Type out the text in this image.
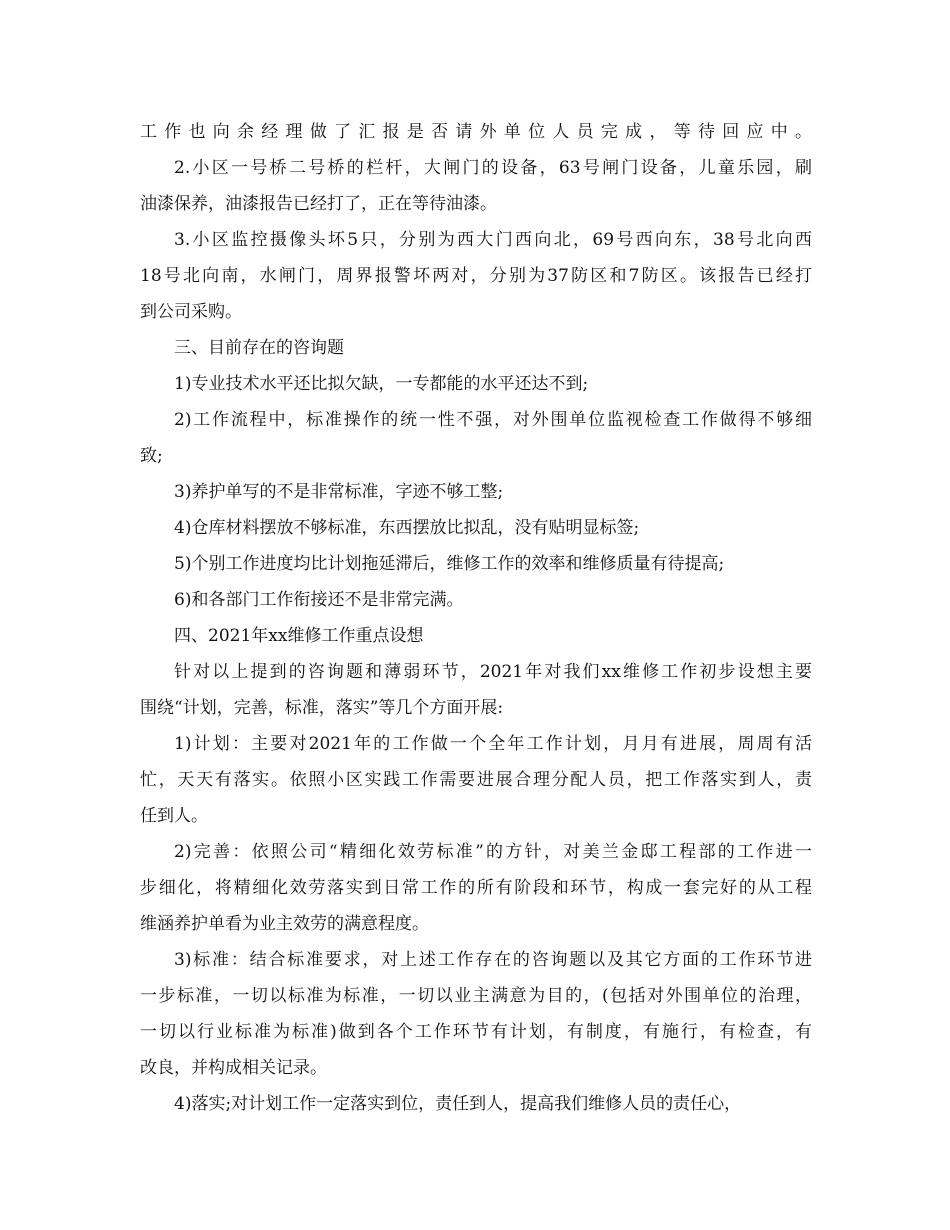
工作也向余经理做了汇报是否请外单位人员完成，等待回应中。
2.小区一号桥二号桥的栏杆，大闸门的设备，63号闸门设备，儿童乐园，刷
油漆保养，油漆报告已经打了，正在等待油漆。
3.小区监控摄像头坏5只，分别为西大门西向北，69号西向东，38号北向西
18号北向南，水闸门，周界报警坏两对，分别为37防区和7防区。该报告已经打
到公司采购。
三、目前存在的咨询题
1)专业技术水平还比拟欠缺，一专都能的水平还达不到;
2)工作流程中，标准操作的统一性不强，对外围单位监视检查工作做得不够细
致;
3)养护单写的不是非常标准，字迹不够工整;
4)仓库材料摆放不够标准，东西摆放比拟乱，没有贴明显标签;
5)个别工作进度均比计划拖延滞后，维修工作的效率和维修质量有待提高;
6)和各部门工作衔接还不是非常完满。
四、2021年xx维修工作重点设想
针对以上提到的咨询题和薄弱环节，2021年对我们xx维修工作初步设想主要
围绕“计划，完善，标准，落实”等几个方面开展:
1)计划：主要对2021年的工作做一个全年工作计划，月月有进展，周周有活
忙，天天有落实。依照小区实践工作需要进展合理分配人员，把工作落实到人，责
任到人。
2)完善：依照公司“精细化效劳标准”的方针，对美兰金邸工程部的工作进一
步细化，将精细化效劳落实到日常工作的所有阶段和环节，构成一套完好的从工程
维涵养护单看为业主效劳的满意程度。
3)标准：结合标准要求，对上述工作存在的咨询题以及其它方面的工作环节进
一步标准，一切以标准为标准，一切以业主满意为目的，(包括对外围单位的治理，
一切以行业标准为标准)做到各个工作环节有计划，有制度，有施行，有检查，有
改良，并构成相关记录。
4)落实;对计划工作一定落实到位，责任到人，提高我们维修人员的责任心，
